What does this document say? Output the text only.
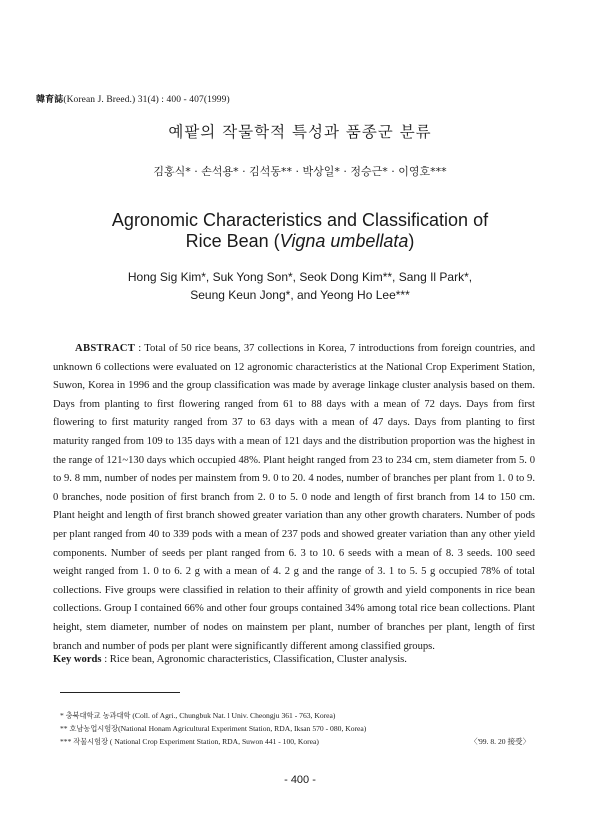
韓育誌(Korean J. Breed.) 31(4) : 400 - 407(1999)
예팥의 작물학적 특성과 품종군 분류
김홍식* · 손석용* · 김석동** · 박상일* · 정승근* · 이영호***
Agronomic Characteristics and Classification of
Rice Bean (Vigna umbellata)
Hong Sig Kim*, Suk Yong Son*, Seok Dong Kim**, Sang Il Park*,
Seung Keun Jong*, and Yeong Ho Lee***

ABSTRACT : Total of 50 rice beans, 37 collections in Korea, 7 introductions from foreign countries, and unknown 6 collections were evaluated on 12 agronomic characteristics at the National Crop Experiment Station, Suwon, Korea in 1996 and the group classification was made by average linkage cluster analysis based on them. Days from planting to first flowering ranged from 61 to 88 days with a mean of 72 days. Days from first flowering to first maturity ranged from 37 to 63 days with a mean of 47 days. Days from planting to first maturity ranged from 109 to 135 days with a mean of 121 days and the distribution proportion was the highest in the range of 121~130 days which occupied 48%. Plant height ranged from 23 to 234 cm, stem diameter from 5. 0 to 9. 8 mm, number of nodes per mainstem from 9. 0 to 20. 4 nodes, number of branches per plant from 1. 0 to 9. 0 branches, node position of first branch from 2. 0 to 5. 0 node and length of first branch from 14 to 150 cm. Plant height and length of first branch showed greater variation than any other growth charaters. Number of pods per plant ranged from 40 to 339 pods with a mean of 237 pods and showed greater variation than any other yield components. Number of seeds per plant ranged from 6. 3 to 10. 6 seeds with a mean of 8. 3 seeds. 100 seed weight ranged from 1. 0 to 6. 2 g with a mean of 4. 2 g and the range of 3. 1 to 5. 5 g occupied 78% of total collections. Five groups were classified in relation to their affinity of growth and yield components in rice bean collections. Group I contained 66% and other four groups contained 34% among total rice bean collections. Plant height, stem diameter, number of nodes on mainstem per plant, number of branches per plant, length of first branch and number of pods per plant were significantly different among classified groups.

Key words : Rice bean, Agronomic characteristics, Classification, Cluster analysis.
* 충북대학교 농과대학 (Coll. of Agri., Chungbuk Nat. l Univ. Cheongju 361 - 763, Korea)
** 호남농업시험장(National Honam Agricultural Experiment Station, RDA, Iksan 570 - 080, Korea)
*** 작물시험장 ( National Crop Experiment Station, RDA, Suwon 441 - 100, Korea)	〈'99. 8. 20 接受〉
- 400 -
